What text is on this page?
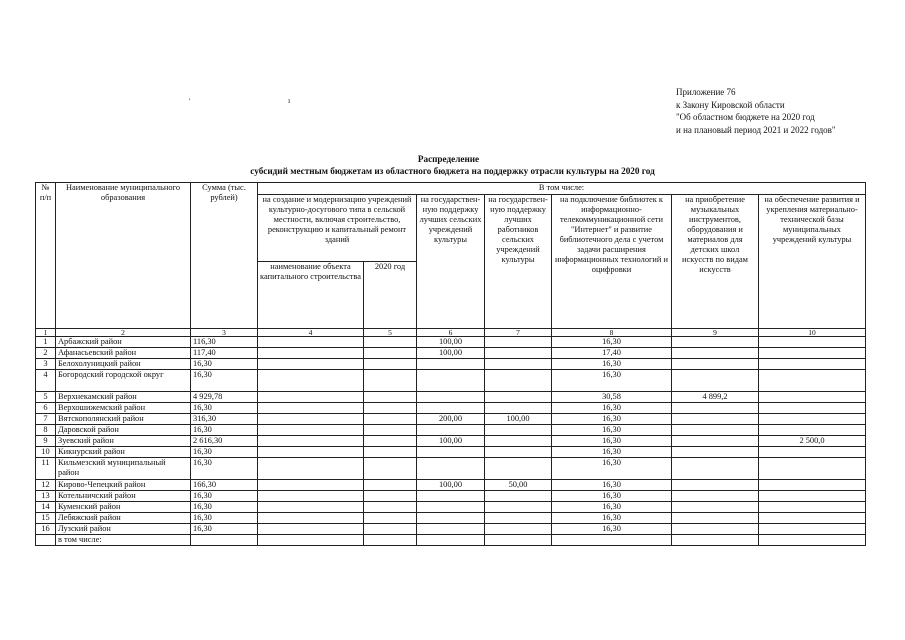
Приложение 76
к Закону Кировской области
"Об областном бюджете на 2020 год
и на плановый период 2021 и 2022 годов"
Распределение
субсидий местным бюджетам из областного бюджета на поддержку отрасли культуры на 2020 год
'	ı
№ п/п	Наименование муниципального образования	Сумма (тыс. рублей)	В том числе:						
			на создание и модернизацию учреждений культурно-досугового типа в сельской местности, включая строительство, реконструкцию и капитальный ремонт зданий		на государствен-ную поддержку лучших сельских учреждений культуры	на государствен-ную поддержку лучших работников сельских учреждений культуры	на подключение библиотек к информационно-телекоммуникационной сети "Интернет" и развитие библиотечного дела с учетом задачи расширения информационных технологий и оцифровки	на приобретение музыкальных инструментов, оборудования и материалов для детских школ искусств по видам искусств	на обеспечение развития и укрепления материально-технической базы муниципальных учреждений культуры
			наименование объекта капитального строительства	2020 год					
1	2	3	4	5	6	7	8	9	10
1	Арбажский район	116,30			100,00		16,30		
2	Афанасьевский район	117,40			100,00		17,40		
3	Белохолуницкий район	16,30					16,30		
4	Богородский городской округ	16,30					16,30		
5	Верхнекамский район	4 929,78					30,58	4 899,2	
6	Верхошижемский район	16,30					16,30		
7	Вятскополянский район	316,30			200,00	100,00	16,30		
8	Даровской район	16,30					16,30		
9	Зуевский район	2 616,30			100,00		16,30		2 500,0
10	Кикнурский район	16,30					16,30		
11	Кильмезский муниципальный район	16,30					16,30		
12	Кирово-Чепецкий район	166,30			100,00	50,00	16,30		
13	Котельничский район	16,30					16,30		
14	Куменский район	16,30					16,30		
15	Лебяжский район	16,30					16,30		
16	Лузский район	16,30					16,30		
	в том числе:								
